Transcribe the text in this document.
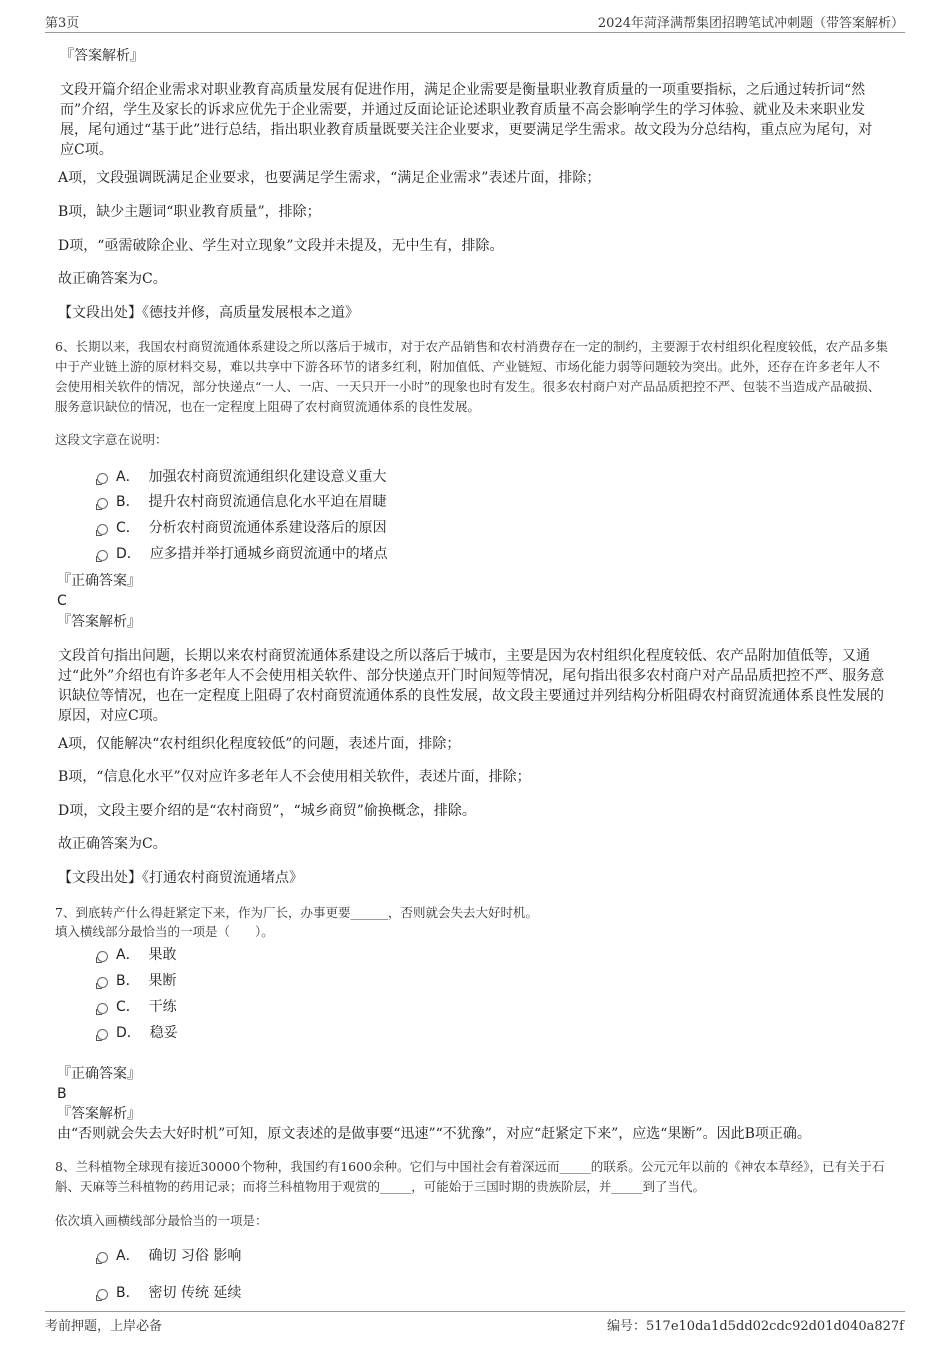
第3页	2024年菏泽满帮集团招聘笔试冲刺题（带答案解析）
『答案解析』
文段开篇介绍企业需求对职业教育高质量发展有促进作用，满足企业需要是衡量职业教育质量的一项重要指标，之后通过转折词“然而”介绍，学生及家长的诉求应优先于企业需要，并通过反面论证论述职业教育质量不高会影响学生的学习体验、就业及未来职业发展，尾句通过“基于此”进行总结，指出职业教育质量既要关注企业要求，更要满足学生需求。故文段为分总结构，重点应为尾句，对应C项。
A项，文段强调既满足企业要求，也要满足学生需求，“满足企业需求”表述片面，排除；
B项，缺少主题词“职业教育质量”，排除；
D项，“亟需破除企业、学生对立现象”文段并未提及，无中生有，排除。
故正确答案为C。
【文段出处】《德技并修，高质量发展根本之道》
6、长期以来，我国农村商贸流通体系建设之所以落后于城市，对于农产品销售和农村消费存在一定的制约，主要源于农村组织化程度较低，农产品多集中于产业链上游的原材料交易，难以共享中下游各环节的诸多红利，附加值低、产业链短、市场化能力弱等问题较为突出。此外，还存在许多老年人不会使用相关软件的情况，部分快递点“一人、一店、一天只开一小时”的现象也时有发生。很多农村商户对产品品质把控不严、包装不当造成产品破损、服务意识缺位的情况，也在一定程度上阻碍了农村商贸流通体系的良性发展。
这段文字意在说明：
A． 加强农村商贸流通组织化建设意义重大
B． 提升农村商贸流通信息化水平迫在眉睫
C． 分析农村商贸流通体系建设落后的原因
D． 应多措并举打通城乡商贸流通中的堵点
『正确答案』
C
『答案解析』
文段首句指出问题，长期以来农村商贸流通体系建设之所以落后于城市，主要是因为农村组织化程度较低、农产品附加值低等，又通过“此外”介绍也有许多老年人不会使用相关软件、部分快递点开门时间短等情况，尾句指出很多农村商户对产品品质把控不严、服务意识缺位等情况，也在一定程度上阻碍了农村商贸流通体系的良性发展，故文段主要通过并列结构分析阻碍农村商贸流通体系良性发展的原因，对应C项。
A项，仅能解决“农村组织化程度较低”的问题，表述片面，排除；
B项，“信息化水平”仅对应许多老年人不会使用相关软件，表述片面，排除；
D项，文段主要介绍的是“农村商贸”，“城乡商贸”偷换概念，排除。
故正确答案为C。
【文段出处】《打通农村商贸流通堵点》
7、到底转产什么得赶紧定下来，作为厂长，办事更要______，否则就会失去大好时机。
填入横线部分最恰当的一项是（　　）。
A． 果敢
B． 果断
C． 干练
D． 稳妥
『正确答案』
B
『答案解析』
由“否则就会失去大好时机”可知，原文表述的是做事要“迅速”“不犹豫”，对应“赶紧定下来”，应选“果断”。因此B项正确。
8、兰科植物全球现有接近30000个物种，我国约有1600余种。它们与中国社会有着深远而_____的联系。公元元年以前的《神农本草经》，已有关于石斛、天麻等兰科植物的药用记录；而将兰科植物用于观赏的_____，可能始于三国时期的贵族阶层，并_____到了当代。
依次填入画横线部分最恰当的一项是：
A． 确切 习俗 影响
B． 密切 传统 延续
考前押题，上岸必备	编号：517e10da1d5dd02cdc92d01d040a827f
